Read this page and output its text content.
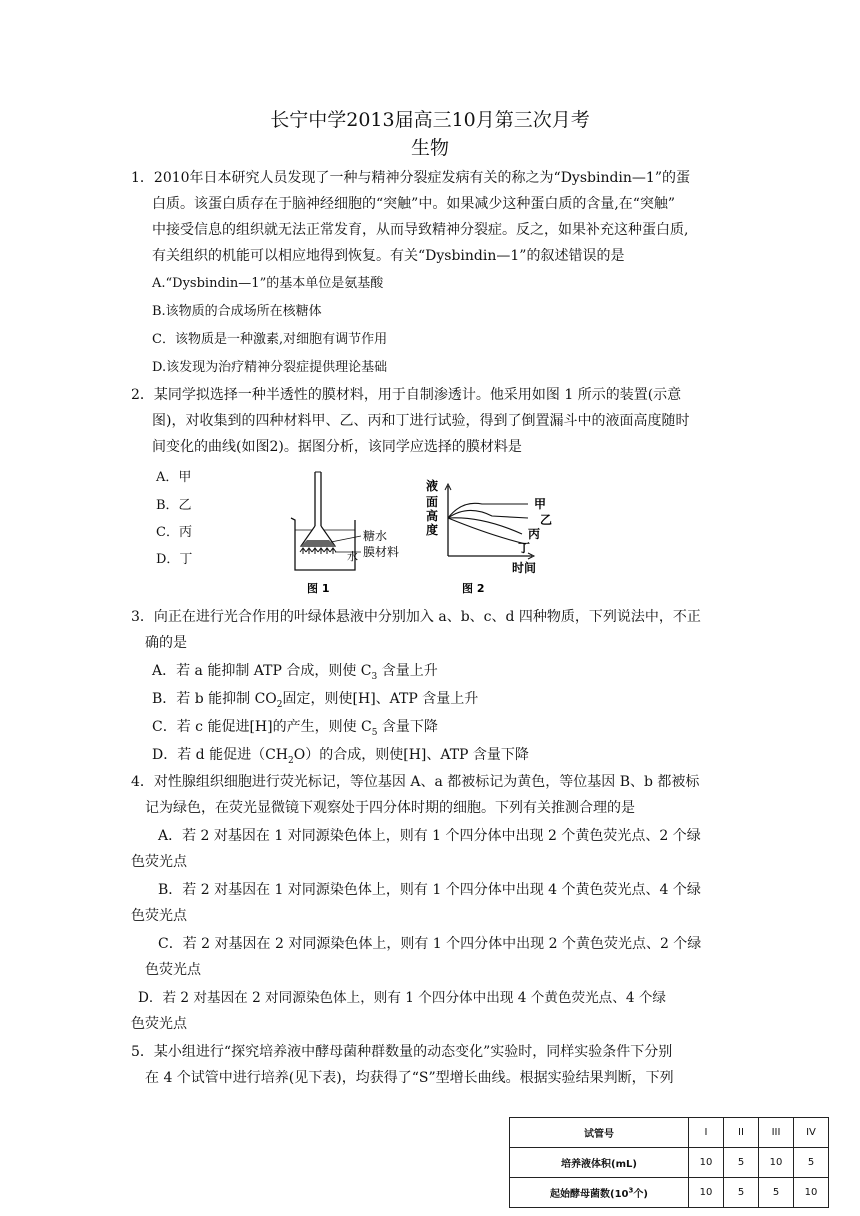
长宁中学2013届高三10月第三次月考
生物
1．2010年日本研究人员发现了一种与精神分裂症发病有关的称之为“Dysbindin—1”的蛋
白质。该蛋白质存在于脑神经细胞的“突触”中。如果减少这种蛋白质的含量,在“突触”
中接受信息的组织就无法正常发育，从而导致精神分裂症。反之，如果补充这种蛋白质,
有关组织的机能可以相应地得到恢复。有关“Dysbindin—1”的叙述错误的是
A.“Dysbindin—1”的基本单位是氨基酸
B.该物质的合成场所在核糖体
C．该物质是一种激素,对细胞有调节作用
D.该发现为治疗精神分裂症提供理论基础
2．某同学拟选择一种半透性的膜材料，用于自制渗透计。他采用如图 1 所示的装置(示意
图)，对收集到的四种材料甲、乙、丙和丁进行试验，得到了倒置漏斗中的液面高度随时
间变化的曲线(如图2)。据图分析，该同学应选择的膜材料是
A．甲
B．乙
C．丙
D．丁
糖水
水 膜材料
图 1
液
面
高
度
甲
乙
丙
丁
时间
图 2
3．向正在进行光合作用的叶绿体悬液中分别加入 a、b、c、d 四种物质，下列说法中，不正
确的是
A．若 a 能抑制 ATP 合成，则使 $C_3$ 含量上升
B．若 b 能抑制 $CO_2$固定，则使[H]、ATP 含量上升
C．若 c 能促进[H]的产生，则使 $C_5$ 含量下降
D．若 d 能促进$(CH_2O)$的合成，则使[H]、ATP 含量下降
4．对性腺组织细胞进行荧光标记，等位基因 A、a 都被标记为黄色，等位基因 B、b 都被标
记为绿色，在荧光显微镜下观察处于四分体时期的细胞。下列有关推测合理的是
A．若 2 对基因在 1 对同源染色体上，则有 1 个四分体中出现 2 个黄色荧光点、2 个绿
色荧光点
B．若 2 对基因在 1 对同源染色体上，则有 1 个四分体中出现 4 个黄色荧光点、4 个绿
色荧光点
C．若 2 对基因在 2 对同源染色体上，则有 1 个四分体中出现 2 个黄色荧光点、2 个绿
色荧光点
D．若 2 对基因在 2 对同源染色体上，则有 1 个四分体中出现 4 个黄色荧光点、4 个绿
色荧光点
5．某小组进行“探究培养液中酵母菌种群数量的动态变化”实验时，同样实验条件下分别
在 4 个试管中进行培养(见下表)，均获得了“S”型增长曲线。根据实验结果判断，下列
试管号	I	II	III	IV
培养液体积(mL)	10	5	10	5
起始酵母菌数($10^3$个)	10	5	5	10
